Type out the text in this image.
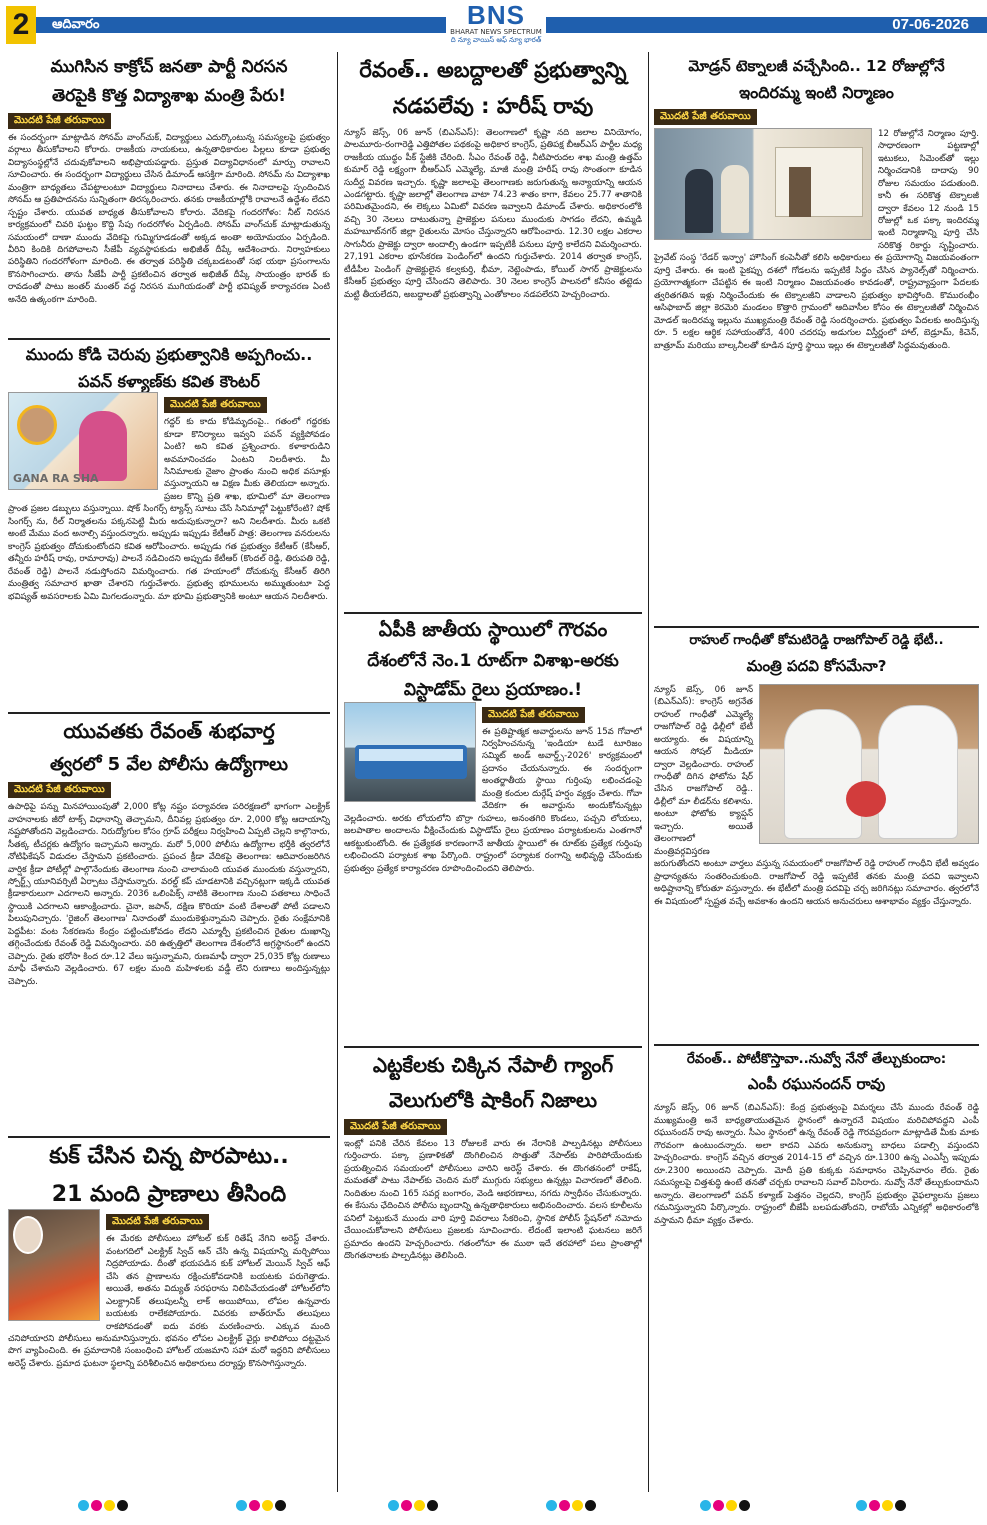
2	ఆదివారం	BNS
BHARAT NEWS SPECTRUM
ది న్యూ వాయిస్ ఆఫ్ న్యూ భారత్
07-06-2026
ముగిసిన కాక్రోచ్ జనతా పార్టీ నిరసన
తెరపైకి కొత్త విద్యాశాఖ మంత్రి పేరు!
మొదటి పేజీ తరువాయి
ఈ సందర్భంగా మాట్లాడిన సోనమ్ వాంగ్‌చుక్, విద్యార్థులు ఎదుర్కొంటున్న సమస్యలపై ప్రభుత్వం వర్గాలు తీసుకోవాలని కోరారు. రాజకీయ నాయకులు, ఉన్నతాధికారుల పిల్లలు కూడా ప్రభుత్వ విద్యాసంస్థల్లోనే చదువుకోవాలని అభిప్రాయపడ్డారు. ప్రస్తుత విద్యావిధానంలో మార్పు రావాలని సూచించారు. ఈ సందర్భంగా విద్యార్థులు చేసిన డిమాండ్ ఆసక్తిగా మారింది. సోనమ్ ను విద్యాశాఖ మంత్రిగా బాధ్యతలు చేపట్టాలంటూ విద్యార్థులు నినాదాలు చేశారు. ఈ నినాదాలపై స్పందించిన సోనమ్ ఆ ప్రతిపాదనను సున్నితంగా తిరస్కరించారు. తనకు రాజకీయాల్లోకి రావాలనే ఉద్దేశం లేదని స్పష్టం చేశారు. యువత బాధ్యత తీసుకోవాలని కోరారు. వేదికపై గందరగోళం: నీట్ నిరసన కార్యక్రమంలో చివరి ఘట్టం కొద్ది సేపు గందరగోళం ఏర్పడింది. సోనమ్ వాంగ్‌చుక్ మాట్లాడుతున్న సమయంలో దాణా ముందు వేదికపై గుమ్మిగూడడంతో అక్కడ అంతా అయోమయం ఏర్పడింది. వీరిని కిందికి దిగపోవాలని సీజేపీ వ్యవస్థాపకుడు అభిజీత్ దీప్కే ఆదేశించారు. నిర్వాహకులు పరిస్థితిని గందరగోళంగా మారింది. ఈ తర్వాత పరిస్థితి చక్కబడటంతో సభ యథా ప్రసంగాలను కొనసాగించారు. తాను సీజేపీ పార్టీ ప్రకటించిన తర్వాత అభిజీత్ దీప్కే సాయంత్రం భారత్ కు రావడంతో పాటు జంతర్ మంతర్ వద్ద నిరసన ముగియడంతో పార్టీ భవిష్యత్ కార్యాచరణ ఏంటి అనేది ఉత్కంఠగా మారింది.
ముందు కోడి చెరువు ప్రభుత్వానికి అప్పగించు..
పవన్ కళ్యాణ్‌కు కవిత కౌంటర్
మొదటి పేజీ తరువాయి
GANA RA SHA
గద్దర్ కు కాదు కోడిమృదంపై.. గతంలో గద్దరకు కూడా కొనిర్యాలు ఇవ్వని పవన్ వ్యక్తిపోవడం ఏంటి? అని కవిత ప్రశ్నించారు. కళాకారుడిని అవమానించడం ఏంటని నిలదీశారు. మీ సినిమాలకు నైజాం ప్రాంతం నుంచి అధిక వసూళ్లు వస్తున్నాయని ఆ విక్షణ మీకు తెలియదా అన్నారు. ప్రజల కొన్ని ప్రతి శాఖ, భూమిలో మా తెలంగాణ ప్రాంత ప్రజల డబ్బులు వస్తున్నాయి. షోక్ సింగర్స్ ట్యాన్స్ సూటు చేసే సినిమాల్లో పెట్టుకోరేంటి? షోక్ సింగర్స్ ను, రీల్ నిర్మాతలను పక్కనపెట్టి మీరు అదుపుకున్నారా? అని నిలదీశారు. మీరు ఒకటి అంటే మేము వంద అనాల్సి వస్తుందన్నారు. అప్పుడు ఇప్పుడు కేటీఆర్ పాత్ర: తెలంగాణ వనరులను కాంగ్రెస్ ప్రభుత్వం దోచుకుంటోందని కవిత ఆరోపించారు. అప్పుడు గత ప్రభుత్వం కేటీఆర్ (కేసీఆర్, తన్నీరు హరీష్ రావు, రామారావు) పాలనే నడిచిందని అప్పుడు కేటీఆర్ (కొందల్ రెడ్డి, తిరుపతి రెడ్డి, రేవంత్ రెడ్డి) పాలనే నడుస్తోందని విమర్శించారు. గత హయాంలో దోచుకున్న కేసీఆర్ తిరిగి మంత్రిత్వ సమాచార ఖాతా చేశారని గుర్తుచేశారు. ప్రభుత్వ భూములను అమ్ముతుంటూ పెద్ద భవిష్యత్ అవసరాలకు ఏమి మిగలడంన్నారు. మా భూమి ప్రభుత్వానికి అంటూ ఆయన నిలదీశారు.
యువతకు రేవంత్ శుభవార్త
త్వరలో 5 వేల పోలీసు ఉద్యోగాలు
మొదటి పేజీ తరువాయి
ఉపాధిపై పన్ను మినహాయింపుతో 2,000 కోట్ల నష్టం పర్యావరణ పరిరక్షణలో భాగంగా ఎలక్ట్రిక్ వాహనాలకు జీరో టాక్స్ విధానాన్ని తెచ్చామని, దీనివల్ల ప్రభుత్వం రూ. 2,000 కోట్ల ఆదాయాన్ని నష్టపోతోందని వెల్లడించారు. నిరుద్యోగుల కోసం గ్రూప్ పరీక్షలు నిర్వహించి ఏప్పటి చెల్లని కాల్గొనారు, సీతక్క టీచర్లకు ఉద్యోగం ఇచ్చామని అన్నారు. మరో 5,000 పోలీసు ఉద్యోగాల భర్తీకి త్వరలోనే నోటిఫికేషన్ విడుదల చేస్తామని ప్రకటించారు. ప్రపంచ క్రీడా వేదికపై తెలంగాణ: ఆదివారంజరిగిన వార్షిక క్రీడా పోటీల్లో పాల్గొనేందుకు తెలంగాణ నుంచి చాలామంది యువత ముందుకు వస్తున్నారని, స్పోర్ట్స్ యూనివర్సిటీ ఏర్పాటు చేస్తామన్నారు. వరల్డ్ కప్ చూడటానికి వచ్చినట్లుగా ఇక్కడి యువత క్రీడాకారులుగా ఎదగాలని అన్నారు. 2036 ఒలింపిక్స్ నాటికి తెలంగాణ నుంచి పతకాలు సాధించే స్థాయికి ఎదగాలని ఆకాంక్షించారు. చైనా, జపాన్, దక్షిణ కొరియా వంటి దేశాలతో పోటీ పడాలని పిలుపునిచ్చారు. 'రైజింగ్ తెలంగాణ' నినాదంతో ముందుకెళ్తున్నామని చెప్పారు. రైతు సంక్షేమానికి పెద్దపీట: వంట సేకరణను కేంద్రం పట్టించుకోవడం లేదని ఎమ్మార్పీ ప్రకటించిన రైతుల దుఃఖాన్ని తగ్గించేందుకు రేవంత్ రెడ్డి విమర్శించారు. వరి ఉత్పత్తిలో తెలంగాణ దేశంలోనే అగ్రస్థానంలో ఉందని చెప్పారు. రైతు భరోసా కింద రూ.12 వేలు ఇస్తున్నామని, రుణమాఫీ ద్వారా 25,035 కోట్ల రుణాలు మాఫీ చేశామని వెల్లడించారు. 67 లక్షల మంది మహిళలకు వడ్డీ లేని రుణాలు అందిస్తున్నట్లు చెప్పారు.
కుక్ చేసిన చిన్న పొరపాటు..
21 మంది ప్రాణాలు తీసింది
మొదటి పేజీ తరువాయి
ఈ మేరకు పోలీసులు హోటల్ కుక్ రితేష్ నేగిని అరెస్ట్ చేశారు. వంటగదిలో ఎలక్ట్రిక్ స్విచ్ ఆన్ చేసి ఉన్న విషయాన్ని మర్చిపోయి నిద్రపోయాడు. దీంతో భయపడిన కుక్ హోటల్ మెయిన్ స్విచ్ ఆఫ్ చేసి తన ప్రాణాలను రక్షించుకోవడానికి బయటకు పరుగెత్తాడు. అయితే, అతను విద్యుత్ సరఫరాను నిలిపివేయడంతో హోటల్‌లోని ఎలక్ట్రానిక్ తలుపులన్నీ లాక్ అయిపోయి, లోపల ఉన్నవారు బయటకు రాలేకపోయారు. వివరకు బాత్‌రూమ్ తలుపులు రాకపోవడంతో ఐదు వరకు మరణించారు. ఎక్కువ మంది చనిపోయారని పోలీసులు అనుమానిస్తున్నారు. భవనం లోపల ఎలక్ట్రిక్ వైర్లు కాలిపోయి దట్టమైన పొగ వ్యాపించింది. ఈ ప్రమాదానికి సంబంధించి హోటల్ యజమాని సహా మరో ఇద్దరిని పోలీసులు అరెస్ట్ చేశారు. ప్రమాద ఘటనా స్థలాన్ని పరిశీలించిన అధికారులు దర్యాప్తు కొనసాగిస్తున్నారు.
రేవంత్.. అబద్దాలతో ప్రభుత్వాన్ని
నడపలేవు : హరీష్ రావు
న్యూస్ జెస్స్, 06 జూన్ (బిఎన్ఎస్): తెలంగాణలో కృష్ణా నది జలాల వినియోగం, పాలమూరు-రంగారెడ్డి ఎత్తిపోతల పథకంపై అధికార కాంగ్రెస్, ప్రతిపక్ష బీఆర్ఎస్ పార్టీల మధ్య రాజకీయ యుద్ధం పీక్ స్టేజీకి చేరింది. సీఎం రేవంత్ రెడ్డి, నీటిపారుదల శాఖ మంత్రి ఉత్తమ్ కుమార్ రెడ్డి లక్ష్యంగా బీఆర్ఎస్ ఎమ్మెల్యే, మాజీ మంత్రి హరీష్ రావు సొంతంగా కూడిన సుదీర్ఘ వివరణ ఇచ్చారు. కృష్ణా జలాలపై తెలంగాణకు జరుగుతున్న అన్యాయాన్ని ఆయన ఎండగట్టారు. కృష్ణా జలాల్లో తెలంగాణ వాటా 74.23 శాతం కాగా, కేవలం 25.77 శాతానికి పరిమితమైందని, ఈ లెక్కలు ఏమిటో వివరణ ఇవ్వాలని డిమాండ్ చేశారు. అధికారంలోకి వచ్చి 30 నెలలు దాటుతున్నా ప్రాజెక్టుల పనులు ముందుకు సాగడం లేదని, ఉమ్మడి మహబూబ్‌నగర్ జిల్లా రైతులను మోసం చేస్తున్నారని ఆరోపించారు. 12.30 లక్షల ఎకరాల సాగునీరు ప్రాజెక్టు ద్వారా అందాల్సి ఉండగా ఇప్పటికీ పనులు పూర్తి కాలేదని విమర్శించారు. 27,191 ఎకరాల భూసేకరణ పెండింగ్‌లో ఉందని గుర్తుచేశారు. 2014 తర్వాత కాంగ్రెస్, టీడీపీల పెండింగ్ ప్రాజెక్టులైన కల్వకుర్తి, భీమా, నెట్టెంపాడు, కోయిల్ సాగర్ ప్రాజెక్టులను కేసీఆర్ ప్రభుత్వం పూర్తి చేసిందని తెలిపారు. 30 నెలల కాంగ్రెస్ పాలనలో కనీసం తట్టెడు మట్టి తీయలేదని, అబద్దాలతో ప్రభుత్వాన్ని ఎంతోకాలం నడపలేరని హెచ్చరించారు.
ఏపీకి జాతీయ స్థాయిలో గౌరవం
దేశంలోనే నెం.1 రూట్‌గా విశాఖ-అరకు
విస్టాడోమ్ రైలు ప్రయాణం.!
మొదటి పేజీ తరువాయి
ఈ ప్రతిష్టాత్మక అవార్డులను జూన్ 15వ గోవాలో నిర్వహించనున్న 'ఇండియా టుడే టూరిజం సమ్మిట్ అండ్ అవార్డ్స్-2026' కార్యక్రమంలో ప్రదానం చేయనున్నారు. ఈ సందర్భంగా అంతర్జాతీయ స్థాయి గుర్తింపు లభించడంపై మంత్రి కందుల దుర్గేష్ హర్షం వ్యక్తం చేశారు. గోవా వేదికగా ఈ అవార్డును అందుకోనున్నట్లు వెల్లడించారు. అరకు లోయలోని బొర్రా గుహలు, అనంతగిరి కొండలు, పచ్చని లోయలు, జలపాతాల అందాలను వీక్షించేందుకు విస్టాడోమ్ రైలు ప్రయాణం పర్యాటకులను ఎంతగానో ఆకట్టుకుంటోంది. ఈ ప్రత్యేకత కారణంగానే జాతీయ స్థాయిలో ఈ రూట్‌కు ప్రత్యేక గుర్తింపు లభించిందని పర్యాటక శాఖ పేర్కొంది. రాష్ట్రంలో పర్యాటక రంగాన్ని అభివృద్ధి చేసేందుకు ప్రభుత్వం ప్రత్యేక కార్యాచరణ రూపొందించిందని తెలిపారు.
ఎట్టకేలకు చిక్కిన నేపాలీ గ్యాంగ్
వెలుగులోకి షాకింగ్ నిజాలు
మొదటి పేజీ తరువాయి
ఇంట్లో పనికి చేరిన కేవలం 13 రోజులకే వారు ఈ నేరానికి పాల్పడినట్లు పోలీసులు గుర్తించారు. పక్కా ప్రణాళికతో దొంగిలించిన సొత్తుతో నేపాల్‌కు పారిపోయేందుకు ప్రయత్నించిన సమయంలో పోలీసులు వారిని అరెస్ట్ చేశారు. ఈ దొంగతనంలో రాకేష్, మమతతో పాటు నేపాల్‌కు చెందిన మరో ముగ్గురు సభ్యులు ఉన్నట్లు విచారణలో తేలింది. నిందితుల నుంచి 165 సవర్ల బంగారం, వెండి ఆభరణాలు, నగదు స్వాధీనం చేసుకున్నారు. ఈ కేసును ఛేదించిన పోలీసు బృందాన్ని ఉన్నతాధికారులు అభినందించారు. వలస కూలీలను పనిలో పెట్టుకునే ముందు వారి పూర్తి వివరాలు సేకరించి, స్థానిక పోలీస్ స్టేషన్‌లో నమోదు చేయించుకోవాలని పోలీసులు ప్రజలకు సూచించారు. లేదంటే ఇలాంటి ఘటనలు జరిగే ప్రమాదం ఉందని హెచ్చరించారు. గతంలోనూ ఈ ముఠా ఇదే తరహాలో పలు ప్రాంతాల్లో దొంగతనాలకు పాల్పడినట్లు తెలిసింది.
మోడ్రన్ టెక్నాలజీ వచ్చేసింది.. 12 రోజుల్లోనే
ఇందిరమ్మ ఇంటి నిర్మాణం
మొదటి పేజీ తరువాయి
12 రోజుల్లోనే నిర్మాణం పూర్తి. సాధారణంగా పట్టణాల్లో ఇటుకలు, సిమెంట్‌తో ఇల్లు నిర్మించడానికి దాదాపు 90 రోజుల సమయం పడుతుంది. కానీ ఈ సరికొత్త టెక్నాలజీ ద్వారా కేవలం 12 నుండి 15 రోజుల్లో ఒక పక్కా ఇందిరమ్మ ఇంటి నిర్మాణాన్ని పూర్తి చేసి సరికొత్త రికార్డు సృష్టించారు. ప్రైవేట్ సంస్థ 'రేడర్ ఇన్ఫ్రా' హౌసింగ్ కంపెనీతో కలిసి అధికారులు ఈ ప్రయోగాన్ని విజయవంతంగా పూర్తి చేశారు. ఈ ఇంటి పైకప్పు దశలో గోడలను ఇప్పటికే సిద్ధం చేసిన ప్యానెల్స్‌తో నిర్మించారు. ప్రయోగాత్మకంగా చేపట్టిన ఈ ఇంటి నిర్మాణం విజయవంతం కావడంతో, రాష్ట్రవ్యాప్తంగా పేదలకు త్వరితగతిన ఇళ్లు నిర్మించేందుకు ఈ టెక్నాలజీని వాడాలని ప్రభుత్వం భావిస్తోంది. కొమురంభీం ఆసిఫాబాద్ జిల్లా కెరమెరి మండలం కొత్తారి గ్రామంలో ఆదివాసీల కోసం ఈ టెక్నాలజీతో నిర్మించిన మోడల్ ఇందిరమ్మ ఇల్లును ముఖ్యమంత్రి రేవంత్ రెడ్డి సందర్శించారు. ప్రభుత్వం పేదలకు అందిస్తున్న రూ. 5 లక్షల ఆర్థిక సహాయంతోనే, 400 చదరపు అడుగుల విస్తీర్ణంలో హాల్, బెడ్రూమ్, కిచెన్, బాత్రూమ్ మరియు బాల్కనీలతో కూడిన పూర్తి స్థాయి ఇల్లు ఈ టెక్నాలజీతో సిద్ధమవుతుంది.
రాహుల్ గాంధీతో కోమటిరెడ్డి రాజగోపాల్ రెడ్డి భేటీ..
మంత్రి పదవి కోసమేనా?
న్యూస్ జెస్స్, 06 జూన్ (బిఎన్ఎస్): కాంగ్రెస్ అగ్రనేత రాహుల్ గాంధీతో ఎమ్మెల్యే రాజగోపాల్ రెడ్డి ఢిల్లీలో భేటీ అయ్యారు. ఈ విషయాన్ని ఆయన సోషల్ మీడియా ద్వారా వెల్లడించారు. రాహుల్ గాంధీతో దిగిన ఫోటోను షేర్ చేసిన రాజగోపాల్ రెడ్డి.. ఢిల్లీలో మా లీడర్‌ను కలిశాను. అంటూ ఫోటోకు క్యాప్షన్ ఇచ్చారు. అయితే తెలంగాణలో మంత్రివర్గవిస్తరణ జరుగుతోందని అంటూ వార్తలు వస్తున్న సమయంలో రాజగోపాల్ రెడ్డి రాహుల్ గాంధీని భేటీ అవ్వడం ప్రాధాన్యతను సంతరించుకుంది. రాజగోపాల్ రెడ్డి ఇప్పటికే తనకు మంత్రి పదవి ఇవ్వాలని అధిష్టానాన్ని కోరుతూ వస్తున్నారు. ఈ భేటీలో మంత్రి పదవిపై చర్చ జరిగినట్లు సమాచారం. త్వరలోనే ఈ విషయంలో స్పష్టత వచ్చే అవకాశం ఉందని ఆయన అనుచరులు ఆశాభావం వ్యక్తం చేస్తున్నారు.
రేవంత్.. పోటీకొస్తావా..నువ్వో నేనో తేల్చుకుందాం:
ఎంపీ రఘునందన్ రావు
న్యూస్ జెస్స్, 06 జూన్ (బిఎన్ఎస్): కేంద్ర ప్రభుత్వంపై విమర్శలు చేసే ముందు రేవంత్ రెడ్డి ముఖ్యమంత్రి అనే బాధ్యతాయుతమైన స్థానంలో ఉన్నారనే విషయం మరిచిపోవద్దని ఎంపీ రఘునందన్ రావు అన్నారు. సీఎం స్థానంలో ఉన్న రేవంత్ రెడ్డి గౌరవప్రదంగా మాట్లాడితే మీకు మాకు గౌరవంగా ఉంటుందన్నారు. అలా కాదని ఎవరు అనుకున్నా బాధలు పడాల్సి వస్తుందని హెచ్చరించారు. కాంగ్రెస్ వచ్చిన తర్వాత 2014-15 లో వచ్చిన రూ.1300 ఉన్న ఎంఎస్పీ ఇప్పుడు రూ.2300 అయిందని చెప్పారు. మోదీ ప్రతి కుక్కకు సమాధానం చెప్పినవారం లేరు. రైతు సమస్యలపై చిత్తశుద్ధి ఉంటే తనతో చర్చకు రావాలని సవాల్ విసిరారు. నువ్వో నేనో తేల్చుకుందామని అన్నారు. తెలంగాణలో పవన్ కళ్యాణ్ పెత్తనం చెల్లదని, కాంగ్రెస్ ప్రభుత్వం వైఫల్యాలను ప్రజలు గమనిస్తున్నారని పేర్కొన్నారు. రాష్ట్రంలో బీజేపీ బలపడుతోందని, రాబోయే ఎన్నికల్లో అధికారంలోకి వస్తామని ధీమా వ్యక్తం చేశారు.
